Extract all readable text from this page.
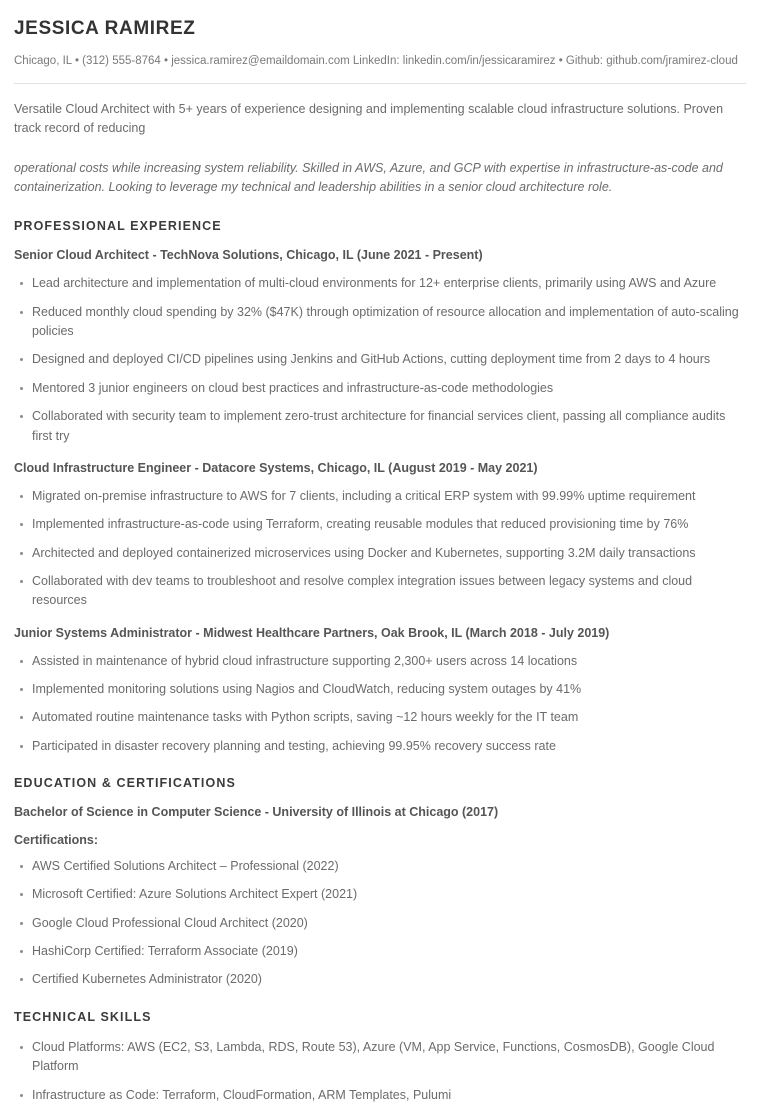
JESSICA RAMIREZ
Chicago, IL • (312) 555-8764 • jessica.ramirez@emaildomain.com LinkedIn: linkedin.com/in/jessicaramirez • Github: github.com/jramirez-cloud

Versatile Cloud Architect with 5+ years of experience designing and implementing scalable cloud infrastructure solutions. Proven track record of reducing

operational costs while increasing system reliability. Skilled in AWS, Azure, and GCP with expertise in infrastructure-as-code and containerization. Looking to leverage my technical and leadership abilities in a senior cloud architecture role.

PROFESSIONAL EXPERIENCE
Senior Cloud Architect - TechNova Solutions, Chicago, IL (June 2021 - Present)
Lead architecture and implementation of multi-cloud environments for 12+ enterprise clients, primarily using AWS and Azure
Reduced monthly cloud spending by 32% ($47K) through optimization of resource allocation and implementation of auto-scaling policies
Designed and deployed CI/CD pipelines using Jenkins and GitHub Actions, cutting deployment time from 2 days to 4 hours
Mentored 3 junior engineers on cloud best practices and infrastructure-as-code methodologies
Collaborated with security team to implement zero-trust architecture for financial services client, passing all compliance audits first try
Cloud Infrastructure Engineer - Datacore Systems, Chicago, IL (August 2019 - May 2021)
Migrated on-premise infrastructure to AWS for 7 clients, including a critical ERP system with 99.99% uptime requirement
Implemented infrastructure-as-code using Terraform, creating reusable modules that reduced provisioning time by 76%
Architected and deployed containerized microservices using Docker and Kubernetes, supporting 3.2M daily transactions
Collaborated with dev teams to troubleshoot and resolve complex integration issues between legacy systems and cloud resources
Junior Systems Administrator - Midwest Healthcare Partners, Oak Brook, IL (March 2018 - July 2019)
Assisted in maintenance of hybrid cloud infrastructure supporting 2,300+ users across 14 locations
Implemented monitoring solutions using Nagios and CloudWatch, reducing system outages by 41%
Automated routine maintenance tasks with Python scripts, saving ~12 hours weekly for the IT team
Participated in disaster recovery planning and testing, achieving 99.95% recovery success rate
EDUCATION & CERTIFICATIONS
Bachelor of Science in Computer Science - University of Illinois at Chicago (2017)
Certifications:
AWS Certified Solutions Architect – Professional (2022)
Microsoft Certified: Azure Solutions Architect Expert (2021)
Google Cloud Professional Cloud Architect (2020)
HashiCorp Certified: Terraform Associate (2019)
Certified Kubernetes Administrator (2020)
TECHNICAL SKILLS
Cloud Platforms: AWS (EC2, S3, Lambda, RDS, Route 53), Azure (VM, App Service, Functions, CosmosDB), Google Cloud Platform
Infrastructure as Code: Terraform, CloudFormation, ARM Templates, Pulumi
